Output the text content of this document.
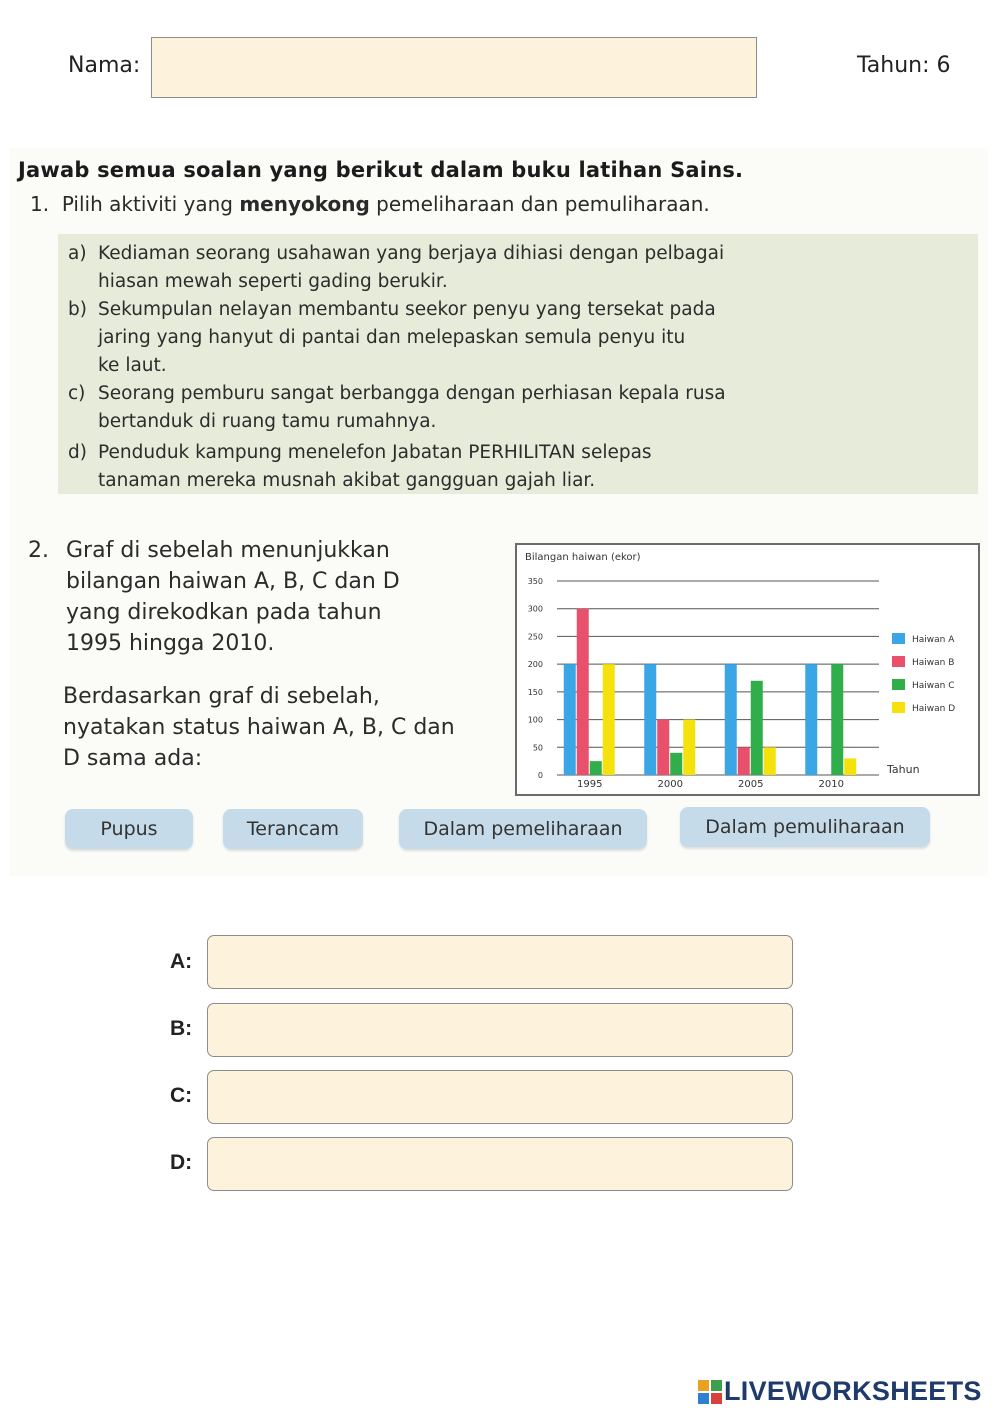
Nama:	Tahun: 6
Jawab semua soalan yang berikut dalam buku latihan Sains.
1. Pilih aktiviti yang menyokong pemeliharaan dan pemuliharaan.
a) Kediaman seorang usahawan yang berjaya dihiasi dengan pelbagai
hiasan mewah seperti gading berukir.
b) Sekumpulan nelayan membantu seekor penyu yang tersekat pada
jaring yang hanyut di pantai dan melepaskan semula penyu itu
ke laut.
c) Seorang pemburu sangat berbangga dengan perhiasan kepala rusa
bertanduk di ruang tamu rumahnya.
d) Penduduk kampung menelefon Jabatan PERHILITAN selepas
tanaman mereka musnah akibat gangguan gajah liar.
2. Graf di sebelah menunjukkan
bilangan haiwan A, B, C dan D
yang direkodkan pada tahun
1995 hingga 2010.
Berdasarkan graf di sebelah,
nyatakan status haiwan A, B, C dan
D sama ada:
Bilangan haiwan (ekor)
0
50
100
150
200
250
300
350
1995	2000	2005	2010
Tahun
Haiwan A
Haiwan B
Haiwan C
Haiwan D
Pupus	Terancam	Dalam pemeliharaan	Dalam pemuliharaan
A:
B:
C:
D:
LIVEWORKSHEETS
